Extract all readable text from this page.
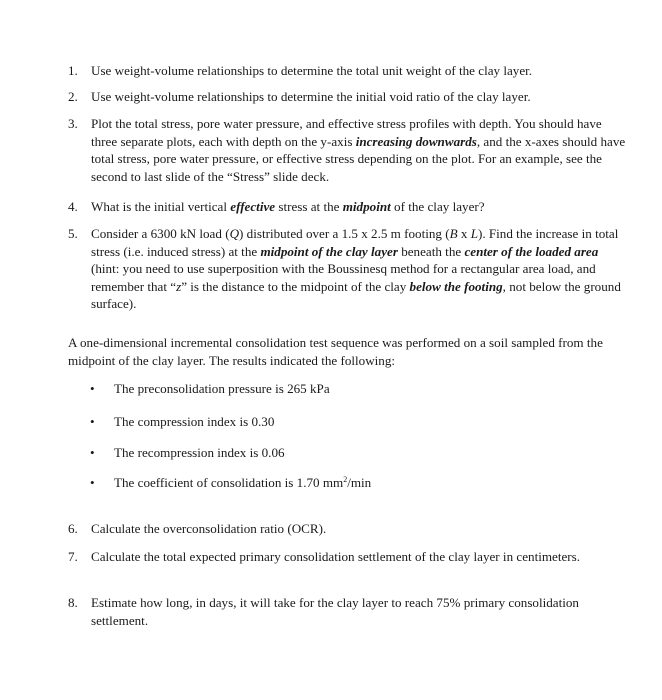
1.	Use weight-volume relationships to determine the total unit weight of the clay layer.
2.	Use weight-volume relationships to determine the initial void ratio of the clay layer.
3.	Plot the total stress, pore water pressure, and effective stress profiles with depth. You should have three separate plots, each with depth on the y-axis increasing downwards, and the x-axes should have total stress, pore water pressure, or effective stress depending on the plot. For an example, see the second to last slide of the “Stress” slide deck.
4.	What is the initial vertical effective stress at the midpoint of the clay layer?
5.	Consider a 6300 kN load (Q) distributed over a 1.5 x 2.5 m footing (B x L). Find the increase in total stress (i.e. induced stress) at the midpoint of the clay layer beneath the center of the loaded area (hint: you need to use superposition with the Boussinesq method for a rectangular area load, and remember that “z” is the distance to the midpoint of the clay below the footing, not below the ground surface).
A one-dimensional incremental consolidation test sequence was performed on a soil sampled from the midpoint of the clay layer. The results indicated the following:
• The preconsolidation pressure is 265 kPa
• The compression index is 0.30
• The recompression index is 0.06
• The coefficient of consolidation is 1.70 $mm^2/\min$
6.	Calculate the overconsolidation ratio (OCR).
7.	Calculate the total expected primary consolidation settlement of the clay layer in centimeters.
8.	Estimate how long, in days, it will take for the clay layer to reach 75% primary consolidation settlement.
